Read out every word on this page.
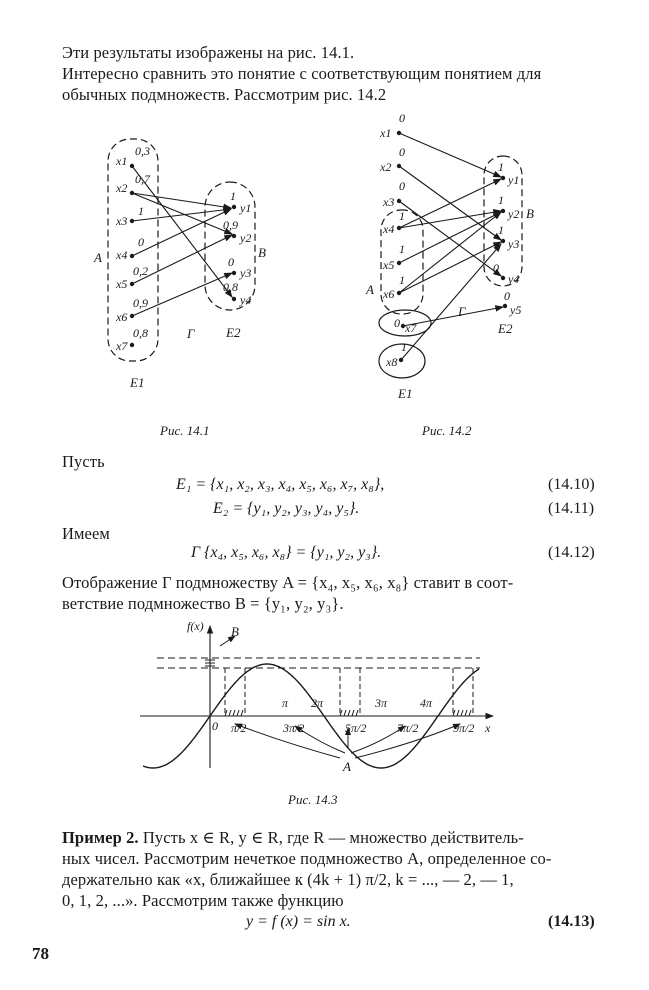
Эти результаты изображены на рис. 14.1.
Интересно сравнить это понятие с соответствующим понятием для
обычных подмножеств. Рассмотрим рис. 14.2
x1
x2
x3
x4
x5
x6
x7
0,3
0,7
1
0
0,2
0,9
0,8
y1
y2
y3
y4
1
0,9
0
0,8
A	B
Г E2
E1
Рис. 14.1
x1
x2
x3
x4
x5
x6
x7
x8
0
0
0
1
1
1
0
1
y1
y2
y3
y4
y5
1
1
1
0
0
A
B
Г
E2
E1
Рис. 14.2
Пусть
E₁ = {x₁, x₂, x₃, x₄, x₅, x₆, x₇, x₈},	(14.10)
E₂ = {y₁, y₂, y₃, y₄, y₅}.	(14.11)
Имеем
Г {x₄, x₅, x₆, x₈} = {y₁, y₂, y₃}.	(14.12)
Отображение Г подмножеству A = {x₄, x₅, x₆, x₈} ставит в соот-
ветствие подмножество B = {y₁, y₂, y₃}.
f(x)
x
0
B
A
π 2π	3π	4π
π/2	3π/2	5π/2	7π/2	9π/2
Рис. 14.3
Пример 2. Пусть x ∈ R, y ∈ R, где R — множество действитель-
ных чисел. Рассмотрим нечеткое подмножество A, определенное со-
держательно как «x, ближайшее к (4k + 1) π/2, k = ..., — 2, — 1,
0, 1, 2, ...». Рассмотрим также функцию
y = f (x) = sin x.	(14.13)
78
